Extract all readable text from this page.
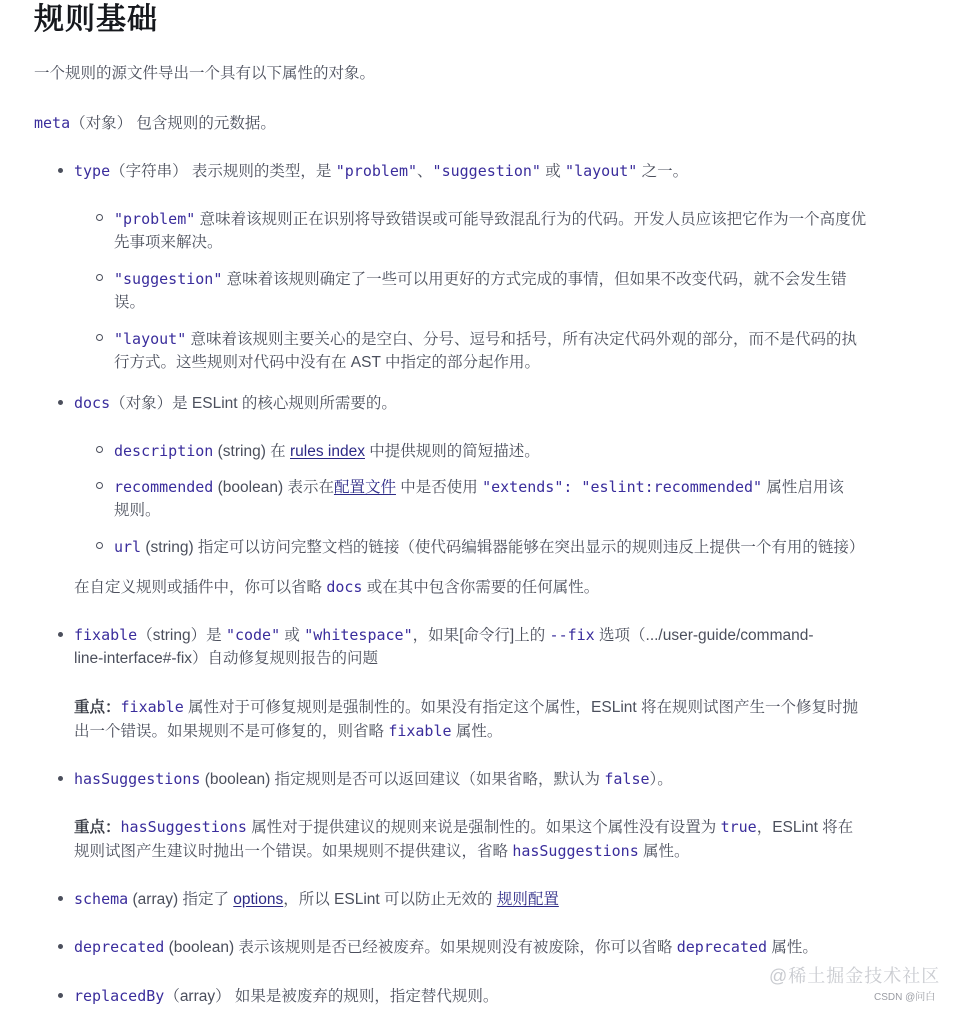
规则基础
一个规则的源文件导出一个具有以下属性的对象。
meta（对象） 包含规则的元数据。
type（字符串） 表示规则的类型，是 "problem"、"suggestion" 或 "layout" 之一。
"problem" 意味着该规则正在识别将导致错误或可能导致混乱行为的代码。开发人员应该把它作为一个高度优
先事项来解决。
"suggestion" 意味着该规则确定了一些可以用更好的方式完成的事情，但如果不改变代码，就不会发生错
误。
"layout" 意味着该规则主要关心的是空白、分号、逗号和括号，所有决定代码外观的部分，而不是代码的执
行方式。这些规则对代码中没有在 AST 中指定的部分起作用。
docs（对象）是 ESLint 的核心规则所需要的。
description (string) 在 rules index 中提供规则的简短描述。
recommended (boolean) 表示在配置文件 中是否使用 "extends": "eslint:recommended" 属性启用该
规则。
url (string) 指定可以访问完整文档的链接（使代码编辑器能够在突出显示的规则违反上提供一个有用的链接）
在自定义规则或插件中，你可以省略 docs 或在其中包含你需要的任何属性。
fixable（string）是 "code" 或 "whitespace"，如果[命令行]上的 --fix 选项（.../user-guide/command-
line-interface#-fix）自动修复规则报告的问题
重点：fixable 属性对于可修复规则是强制性的。如果没有指定这个属性，ESLint 将在规则试图产生一个修复时抛
出一个错误。如果规则不是可修复的，则省略 fixable 属性。
hasSuggestions (boolean) 指定规则是否可以返回建议（如果省略，默认为 false）。
重点：hasSuggestions 属性对于提供建议的规则来说是强制性的。如果这个属性没有设置为 true，ESLint 将在
规则试图产生建议时抛出一个错误。如果规则不提供建议，省略 hasSuggestions 属性。
schema (array) 指定了 options，所以 ESLint 可以防止无效的 规则配置
deprecated (boolean) 表示该规则是否已经被废弃。如果规则没有被废除，你可以省略 deprecated 属性。
replacedBy（array） 如果是被废弃的规则，指定替代规则。
@稀土掘金技术社区
CSDN @问白
